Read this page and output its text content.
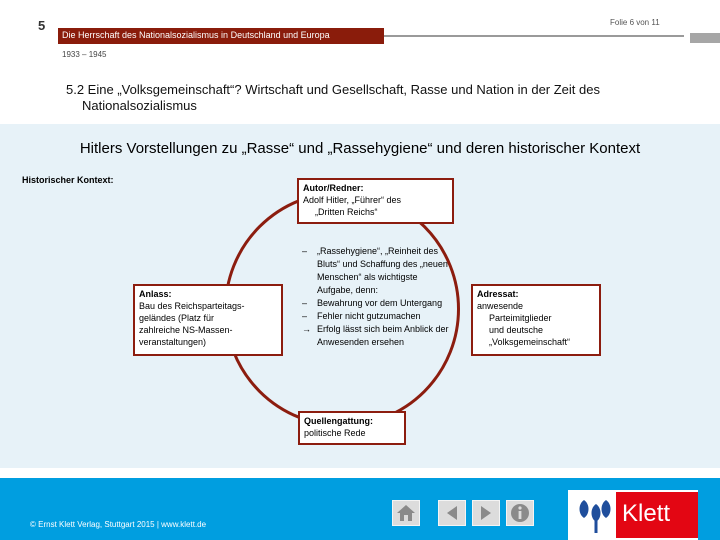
5	Folie 6 von 11
Die Herrschaft des Nationalsozialismus in Deutschland und Europa
1933 – 1945
5.2 Eine „Volksgemeinschaft“? Wirtschaft und Gesellschaft, Rasse und Nation in der Zeit des
Nationalsozialismus
Hitlers Vorstellungen zu „Rasse“ und „Rassehygiene“ und deren historischer Kontext
Historischer Kontext:
Autor/Redner:
Adolf Hitler, „Führer“ des
„Dritten Reichs“
Anlass:
Bau des Reichsparteitags-
geländes (Platz für
zahlreiche NS-Massen-
veranstaltungen)
Adressat:
anwesende
Parteimitglieder
und deutsche
„Volksgemeinschaft“
– „Rassehygiene“, „Reinheit des Bluts“ und Schaffung des „neuen Menschen“ als wichtigste Aufgabe, denn:
– Bewahrung vor dem Untergang
– Fehler nicht gutzumachen
→ Erfolg lässt sich beim Anblick der Anwesenden ersehen
Quellengattung:
politische Rede
© Ernst Klett Verlag, Stuttgart 2015 | www.klett.de	Klett
